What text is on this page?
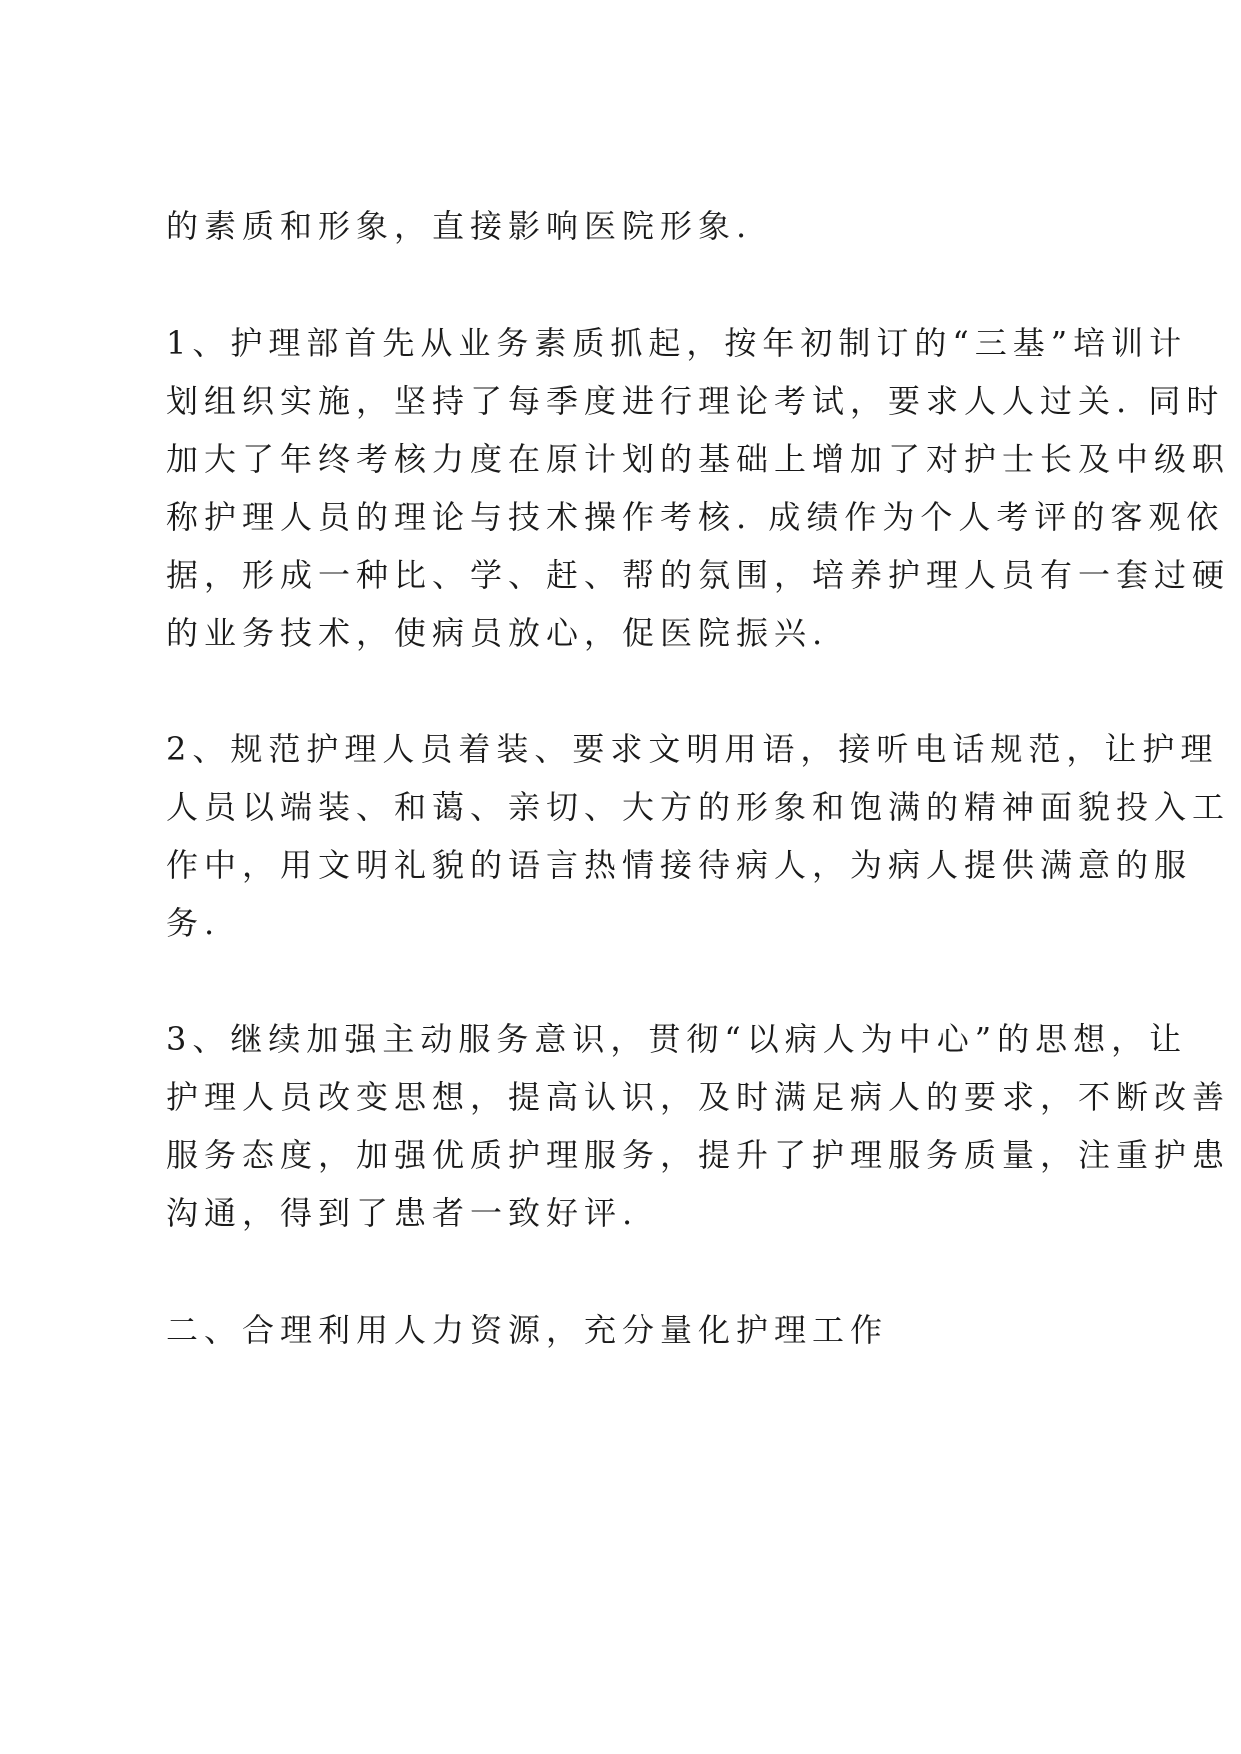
的素质和形象，直接影响医院形象.

1、护理部首先从业务素质抓起，按年初制订的“三基”培训计

划组织实施，坚持了每季度进行理论考试，要求人人过关. 同时

加大了年终考核力度在原计划的基础上增加了对护士长及中级职

称护理人员的理论与技术操作考核. 成绩作为个人考评的客观依

据，形成一种比、学、赶、帮的氛围，培养护理人员有一套过硬

的业务技术，使病员放心，促医院振兴.

2、规范护理人员着装、要求文明用语，接听电话规范，让护理

人员以端装、和蔼、亲切、大方的形象和饱满的精神面貌投入工

作中，用文明礼貌的语言热情接待病人，为病人提供满意的服

务.

3、继续加强主动服务意识，贯彻“以病人为中心”的思想，让

护理人员改变思想，提高认识，及时满足病人的要求，不断改善

服务态度，加强优质护理服务，提升了护理服务质量，注重护患

沟通，得到了患者一致好评.

二、合理利用人力资源，充分量化护理工作
